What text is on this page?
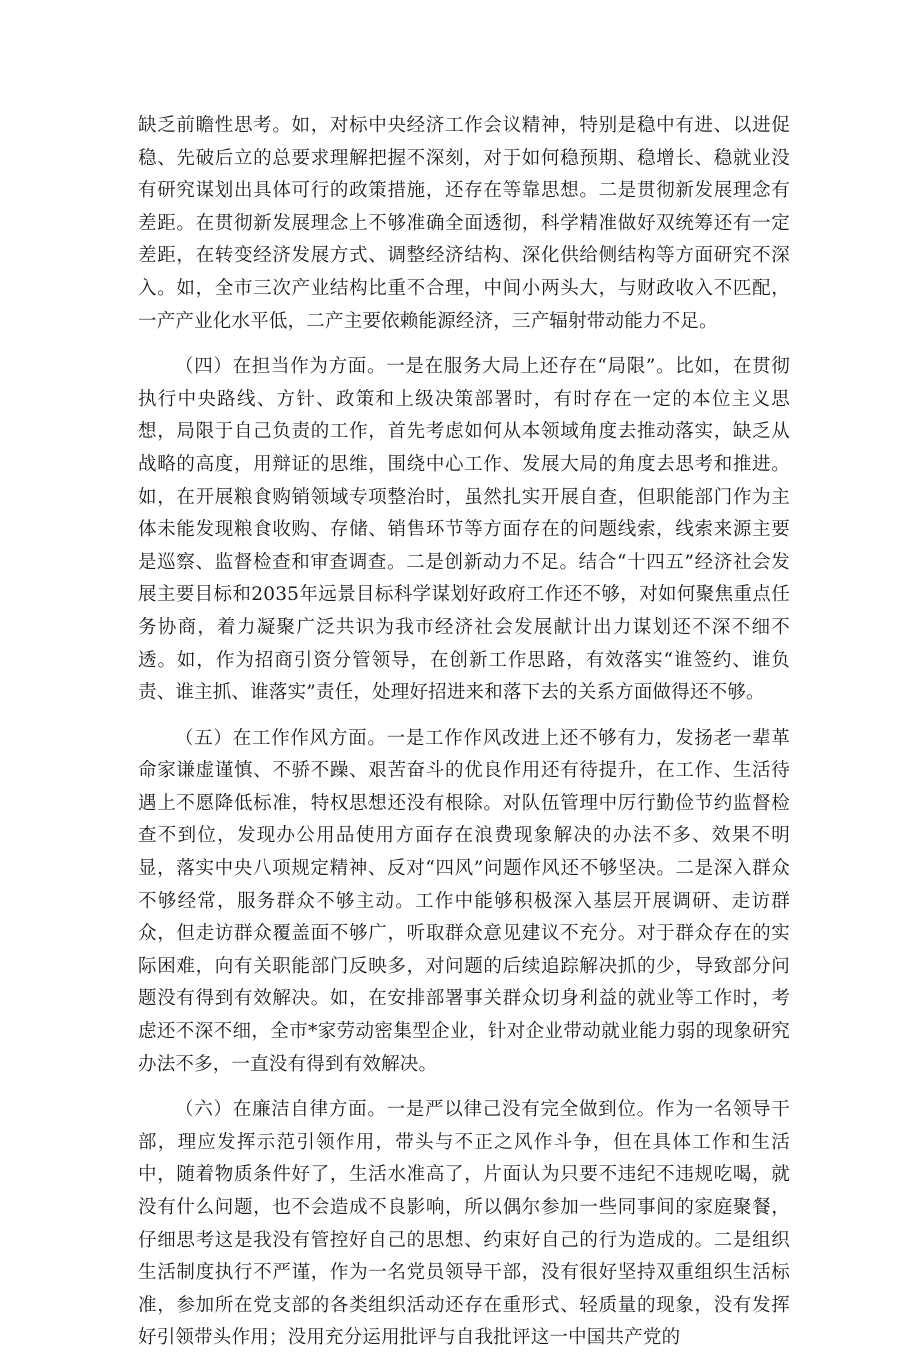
缺乏前瞻性思考。如，对标中央经济工作会议精神，特别是稳中有进、以进促稳、先破后立的总要求理解把握不深刻，对于如何稳预期、稳增长、稳就业没有研究谋划出具体可行的政策措施，还存在等靠思想。二是贯彻新发展理念有差距。在贯彻新发展理念上不够准确全面透彻，科学精准做好双统筹还有一定差距，在转变经济发展方式、调整经济结构、深化供给侧结构等方面研究不深入。如，全市三次产业结构比重不合理，中间小两头大，与财政收入不匹配，一产产业化水平低，二产主要依赖能源经济，三产辐射带动能力不足。

（四）在担当作为方面。一是在服务大局上还存在“局限”。比如，在贯彻执行中央路线、方针、政策和上级决策部署时，有时存在一定的本位主义思想，局限于自己负责的工作，首先考虑如何从本领域角度去推动落实，缺乏从战略的高度，用辩证的思维，围绕中心工作、发展大局的角度去思考和推进。如，在开展粮食购销领域专项整治时，虽然扎实开展自查，但职能部门作为主体未能发现粮食收购、存储、销售环节等方面存在的问题线索，线索来源主要是巡察、监督检查和审查调查。二是创新动力不足。结合“十四五”经济社会发展主要目标和2035年远景目标科学谋划好政府工作还不够，对如何聚焦重点任务协商，着力凝聚广泛共识为我市经济社会发展献计出力谋划还不深不细不透。如，作为招商引资分管领导，在创新工作思路，有效落实“谁签约、谁负责、谁主抓、谁落实”责任，处理好招进来和落下去的关系方面做得还不够。

（五）在工作作风方面。一是工作作风改进上还不够有力，发扬老一辈革命家谦虚谨慎、不骄不躁、艰苦奋斗的优良作用还有待提升，在工作、生活待遇上不愿降低标准，特权思想还没有根除。对队伍管理中厉行勤俭节约监督检查不到位，发现办公用品使用方面存在浪费现象解决的办法不多、效果不明显，落实中央八项规定精神、反对“四风”问题作风还不够坚决。二是深入群众不够经常，服务群众不够主动。工作中能够积极深入基层开展调研、走访群众，但走访群众覆盖面不够广，听取群众意见建议不充分。对于群众存在的实际困难，向有关职能部门反映多，对问题的后续追踪解决抓的少，导致部分问题没有得到有效解决。如，在安排部署事关群众切身利益的就业等工作时，考虑还不深不细，全市*家劳动密集型企业，针对企业带动就业能力弱的现象研究办法不多，一直没有得到有效解决。

（六）在廉洁自律方面。一是严以律己没有完全做到位。作为一名领导干部，理应发挥示范引领作用，带头与不正之风作斗争，但在具体工作和生活中，随着物质条件好了，生活水准高了，片面认为只要不违纪不违规吃喝，就没有什么问题，也不会造成不良影响，所以偶尔参加一些同事间的家庭聚餐，仔细思考这是我没有管控好自己的思想、约束好自己的行为造成的。二是组织生活制度执行不严谨，作为一名党员领导干部，没有很好坚持双重组织生活标准，参加所在党支部的各类组织活动还存在重形式、轻质量的现象，没有发挥好引领带头作用；没用充分运用批评与自我批评这一中国共产党的
